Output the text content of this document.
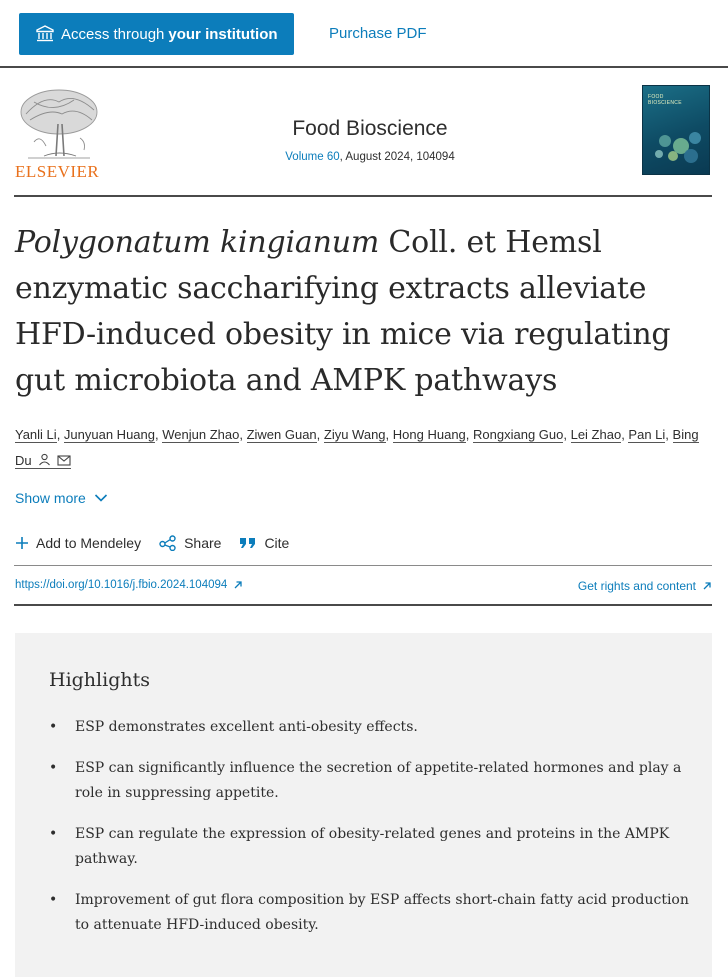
Access through your institution	Purchase PDF
ELSEVIER
Food Bioscience
Volume 60, August 2024, 104094
FOOD BIOSCIENCE
Polygonatum kingianum Coll. et Hemsl enzymatic saccharifying extracts alleviate HFD-induced obesity in mice via regulating gut microbiota and AMPK pathways
Yanli Li, Junyuan Huang, Wenjun Zhao, Ziwen Guan, Ziyu Wang, Hong Huang, Rongxiang Guo, Lei Zhao, Pan Li, Bing Du
Show more
Add to Mendeley	Share	Cite
https://doi.org/10.1016/j.fbio.2024.104094	Get rights and content
Highlights
• ESP demonstrates excellent anti-obesity effects.
• ESP can significantly influence the secretion of appetite-related hormones and play a role in suppressing appetite.
• ESP can regulate the expression of obesity-related genes and proteins in the AMPK pathway.
• Improvement of gut flora composition by ESP affects short-chain fatty acid production to attenuate HFD-induced obesity.
